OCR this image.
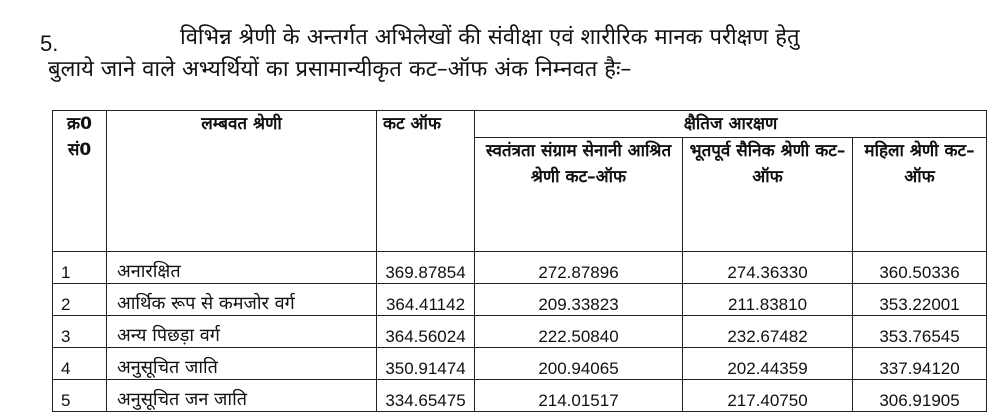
5.	विभिन्न श्रेणी के अन्तर्गत अभिलेखों की संवीक्षा एवं शारीरिक मानक परीक्षण हेतु
बुलाये जाने वाले अभ्यर्थियों का प्रसामान्यीकृत कट–ऑफ अंक निम्नवत हैः–
क्र0 सं0	लम्बवत श्रेणी	कट ऑफ	क्षैतिज आरक्षण		
			स्वतंत्रता संग्राम सेनानी आश्रित श्रेणी कट–ऑफ	भूतपूर्व सैनिक श्रेणी कट–ऑफ	महिला श्रेणी कट–ऑफ
1	अनारक्षित	369.87854	272.87896	274.36330	360.50336
2	आर्थिक रूप से कमजोर वर्ग	364.41142	209.33823	211.83810	353.22001
3	अन्य पिछड़ा वर्ग	364.56024	222.50840	232.67482	353.76545
4	अनुसूचित जाति	350.91474	200.94065	202.44359	337.94120
5	अनुसूचित जन जाति	334.65475	214.01517	217.40750	306.91905
